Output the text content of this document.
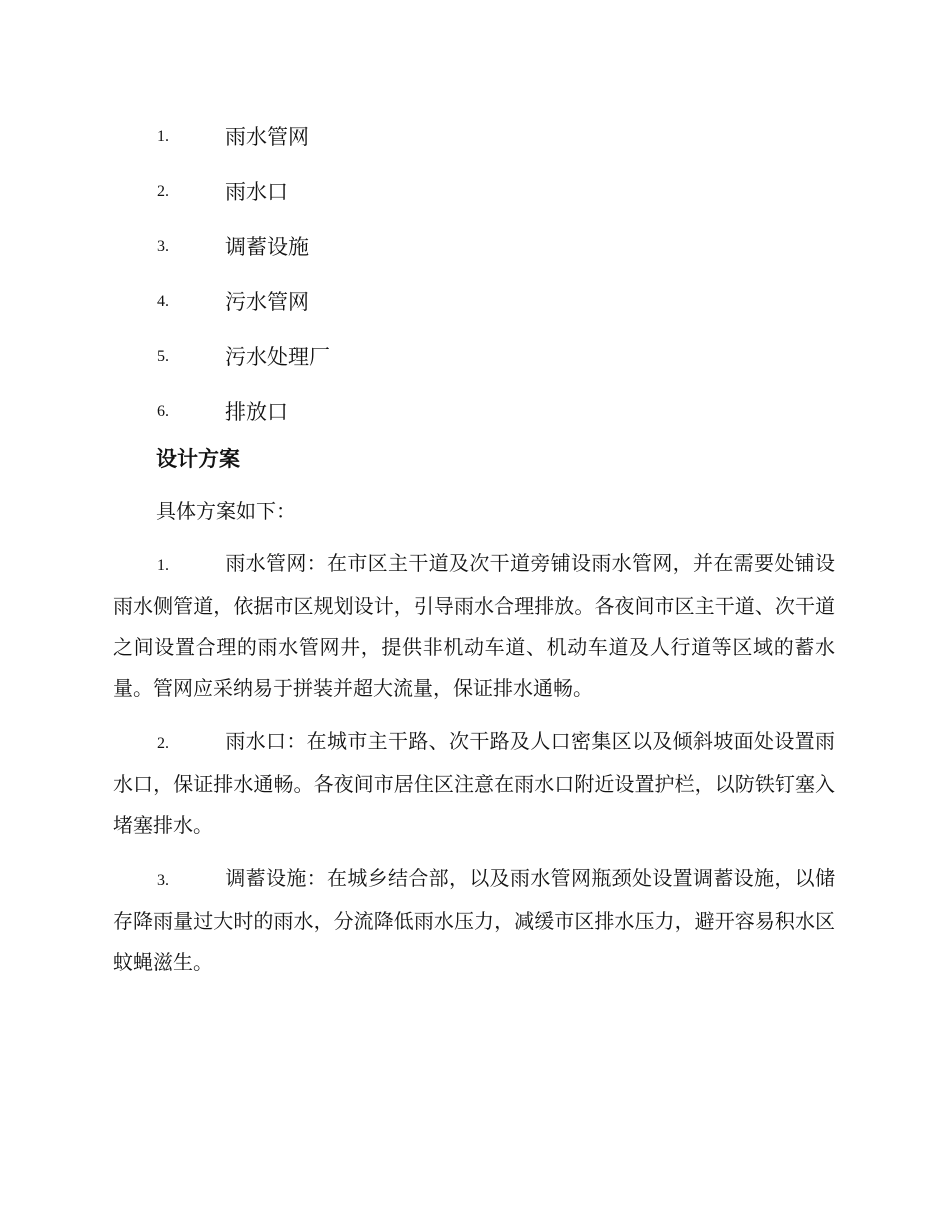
1.	雨水管网
2.	雨水口
3.	调蓄设施
4.	污水管网
5.	污水处理厂
6.	排放口
设计方案
具体方案如下：
1.	雨水管网：在市区主干道及次干道旁铺设雨水管网，并在需要处铺设雨水侧管道，依据市区规划设计，引导雨水合理排放。各夜间市区主干道、次干道之间设置合理的雨水管网井，提供非机动车道、机动车道及人行道等区域的蓄水量。管网应采纳易于拼装并超大流量，保证排水通畅。
2.	雨水口：在城市主干路、次干路及人口密集区以及倾斜坡面处设置雨水口，保证排水通畅。各夜间市居住区注意在雨水口附近设置护栏，以防铁钉塞入堵塞排水。
3.	调蓄设施：在城乡结合部，以及雨水管网瓶颈处设置调蓄设施，以储存降雨量过大时的雨水，分流降低雨水压力，减缓市区排水压力，避开容易积水区蚊蝇滋生。
